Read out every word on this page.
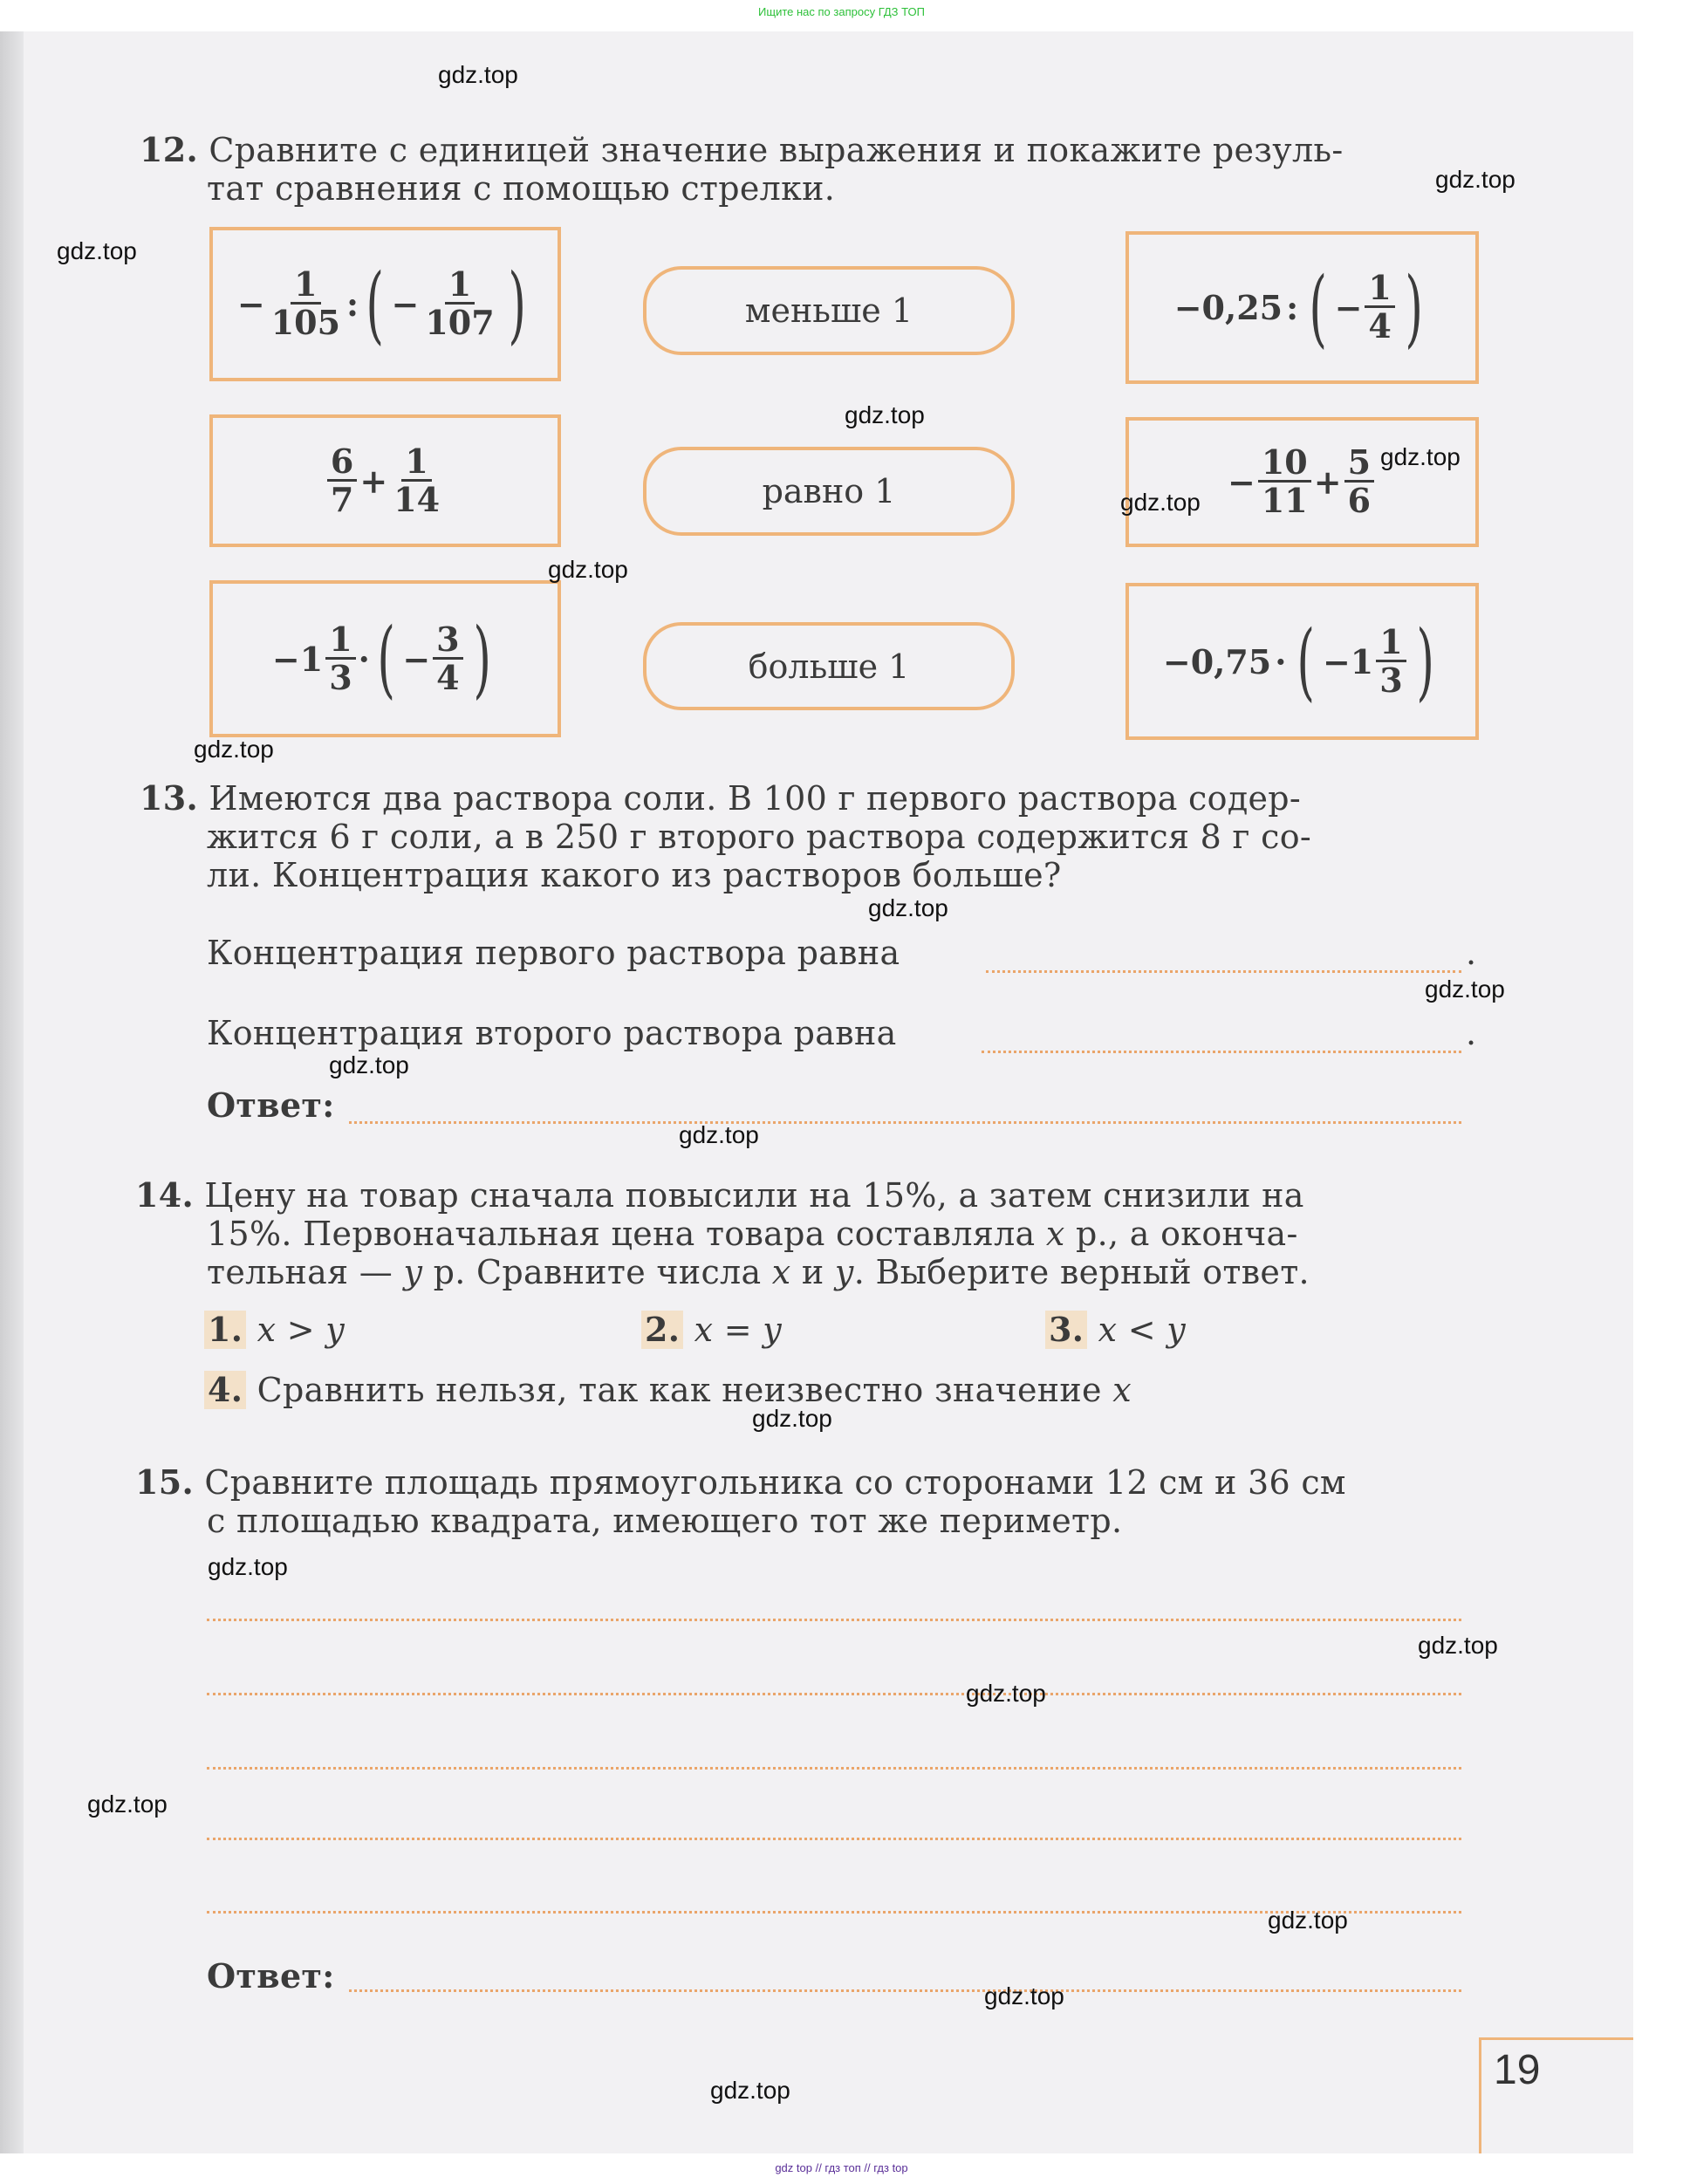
Ищите нас по запросу ГДЗ ТОП
12. Сравните с единицей значение выражения и покажите резуль-
тат сравнения с помощью стрелки.
− $\frac{1}{105}$ : ( − $\frac{1}{107}$ )
$\frac{6}{7} + \frac{1}{14}$
$-1 \frac{1}{3}$ · ( − $\frac{3}{4}$ )
меньше 1
равно 1
больше 1
−0,25 : ( − $\frac{1}{4}$ )
− $\frac{10}{11} + \frac{5}{6}$
−0,75 · ( $-1 \frac{1}{3}$ )
13. Имеются два раствора соли. В 100 г первого раствора содер-
жится 6 г соли, а в 250 г второго раствора содержится 8 г со-
ли. Концентрация какого из растворов больше?
Концентрация первого раствора равна	.
Концентрация второго раствора равна	.
Ответ:
14. Цену на товар сначала повысили на 15%, а затем снизили на
15%. Первоначальная цена товара составляла x р., а оконча-
тельная — y р. Сравните числа x и y. Выберите верный ответ.
1. x > y	2. x = y	3. x < y
4. Сравнить нельзя, так как неизвестно значение x
15. Сравните площадь прямоугольника со сторонами 12 см и 36 см
с площадью квадрата, имеющего тот же периметр.
Ответ:
19
gdz.top
gdz.top
gdz.top
gdz.top
gdz.top
gdz.top
gdz.top
gdz.top
gdz.top
gdz.top
gdz.top
gdz.top
gdz.top
gdz.top
gdz.top
gdz.top
gdz.top
gdz.top
gdz.top
gdz.top
gdz top // гдз топ // гдз top
